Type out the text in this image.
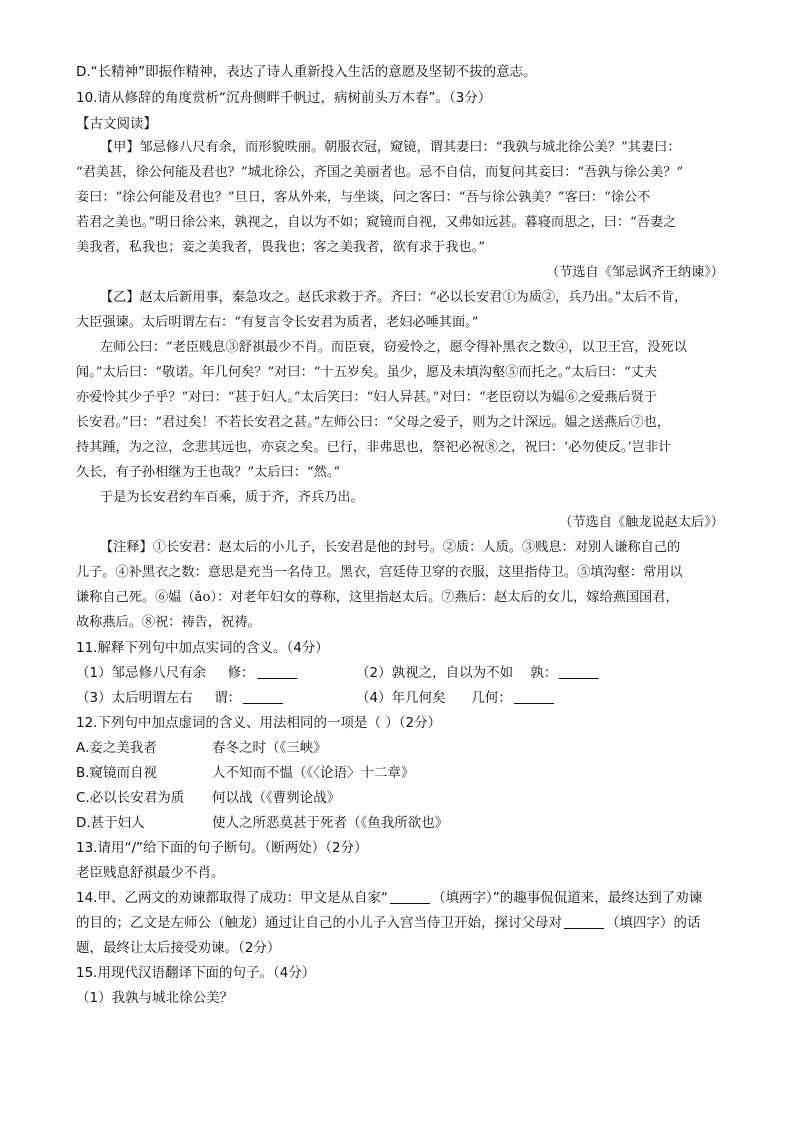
D.“长精神”即振作精神，表达了诗人重新投入生活的意愿及坚韧不拔的意志。
10.请从修辞的角度赏析“沉舟侧畔千帆过，病树前头万木春”。（3分）
【古文阅读】
【甲】邹忌修八尺有余，而形貌昳丽。朝服衣冠，窥镜，谓其妻曰：“我孰与城北徐公美？”其妻曰：
“君美甚，徐公何能及君也？”城北徐公，齐国之美丽者也。忌不自信，而复问其妾曰：“吾孰与徐公美？”
妾曰：“徐公何能及君也？”旦日，客从外来，与坐谈，问之客曰：“吾与徐公孰美？”客曰：“徐公不
若君之美也。”明日徐公来，孰视之，自以为不如；窥镜而自视，又弗如远甚。暮寝而思之，曰：“吾妻之
美我者，私我也；妾之美我者，畏我也；客之美我者，欲有求于我也。”
（节选自《邹忌讽齐王纳谏》）
【乙】赵太后新用事，秦急攻之。赵氏求救于齐。齐曰：“必以长安君①为质②，兵乃出。”太后不肯，
大臣强谏。太后明谓左右：“有复言令长安君为质者，老妇必唾其面。”
左师公曰：“老臣贱息③舒祺最少不肖。而臣衰，窃爱怜之，愿令得补黑衣之数④，以卫王宫，没死以
闻。”太后曰：“敬诺。年几何矣？”对曰：“十五岁矣。虽少，愿及未填沟壑⑤而托之。”太后曰：“丈夫
亦爱怜其少子乎？”对曰：“甚于妇人。”太后笑曰：“妇人异甚。”对曰：“老臣窃以为媪⑥之爱燕后贤于
长安君。”曰：“君过矣！不若长安君之甚。”左师公曰：“父母之爱子，则为之计深远。媪之送燕后⑦也，
持其踵，为之泣，念悲其远也，亦哀之矣。已行，非弗思也，祭祀必祝⑧之，祝曰：‘必勿使反。’岂非计
久长，有子孙相继为王也哉？”太后曰：“然。”
于是为长安君约车百乘，质于齐，齐兵乃出。
（节选自《触龙说赵太后》）
【注释】①长安君：赵太后的小儿子，长安君是他的封号。②质：人质。③贱息：对别人谦称自己的
儿子。④补黑衣之数：意思是充当一名侍卫。黑衣，宫廷侍卫穿的衣服，这里指侍卫。⑤填沟壑：常用以
谦称自己死。⑥媪（ǎo）：对老年妇女的尊称，这里指赵太后。⑦燕后：赵太后的女儿，嫁给燕国国君，
故称燕后。⑧祝：祷告，祝祷。
11.解释下列句中加点实词的含义。（4分）
（1）邹忌修八尺有余 修：	（2）孰视之，自以为不如 孰：
（3）太后明谓左右 谓：	（4）年几何矣 几何：
12.下列句中加点虚词的含义、用法相同的一项是（ ）（2分）
A.妾之美我者	春冬之时（《三峡》
B.窥镜而自视	人不知而不愠（《〈论语〉十二章》
C.必以长安君为质 何以战（《曹刿论战》
D.甚于妇人	使人之所恶莫甚于死者（《鱼我所欲也》
13.请用“/”给下面的句子断句。（断两处）（2分）
老臣贱息舒祺最少不肖。
14.甲、乙两文的劝谏都取得了成功：甲文是从自家“	（填两字）”的趣事侃侃道来，最终达到了劝谏
的目的；乙文是左师公（触龙）通过让自己的小儿子入宫当侍卫开始，探讨父母对	（填四字）的话
题，最终让太后接受劝谏。（2分）
15.用现代汉语翻译下面的句子。（4分）
（1）我孰与城北徐公美？
